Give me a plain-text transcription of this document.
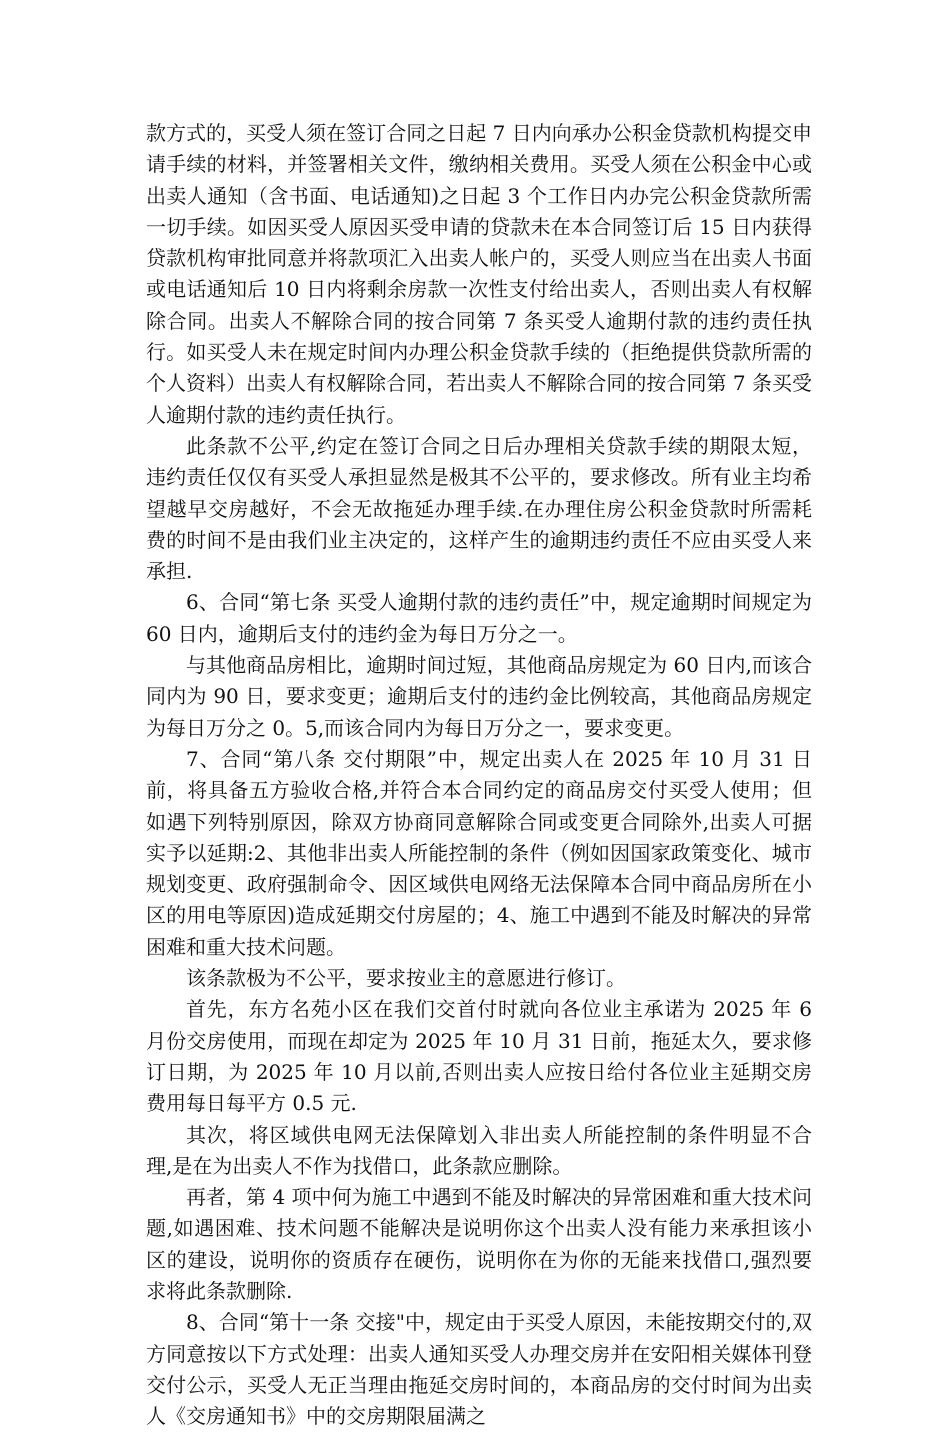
款方式的，买受人须在签订合同之日起 7 日内向承办公积金贷款机构提交申请手续的材料，并签署相关文件，缴纳相关费用。买受人须在公积金中心或出卖人通知（含书面、电话通知)之日起 3 个工作日内办完公积金贷款所需一切手续。如因买受人原因买受申请的贷款未在本合同签订后 15 日内获得贷款机构审批同意并将款项汇入出卖人帐户的，买受人则应当在出卖人书面或电话通知后 10 日内将剩余房款一次性支付给出卖人，否则出卖人有权解除合同。出卖人不解除合同的按合同第 7 条买受人逾期付款的违约责任执行。如买受人未在规定时间内办理公积金贷款手续的（拒绝提供贷款所需的个人资料）出卖人有权解除合同，若出卖人不解除合同的按合同第 7 条买受人逾期付款的违约责任执行。

此条款不公平,约定在签订合同之日后办理相关贷款手续的期限太短，违约责任仅仅有买受人承担显然是极其不公平的，要求修改。所有业主均希望越早交房越好，不会无故拖延办理手续.在办理住房公积金贷款时所需耗费的时间不是由我们业主决定的，这样产生的逾期违约责任不应由买受人来承担.

6、合同“第七条 买受人逾期付款的违约责任”中，规定逾期时间规定为 60 日内，逾期后支付的违约金为每日万分之一。

与其他商品房相比，逾期时间过短，其他商品房规定为 60 日内,而该合同内为 90 日，要求变更；逾期后支付的违约金比例较高，其他商品房规定为每日万分之 0。5,而该合同内为每日万分之一，要求变更。

7、合同“第八条 交付期限”中，规定出卖人在 2025 年 10 月 31 日前，将具备五方验收合格,并符合本合同约定的商品房交付买受人使用；但如遇下列特别原因，除双方协商同意解除合同或变更合同除外,出卖人可据实予以延期:2、其他非出卖人所能控制的条件（例如因国家政策变化、城市规划变更、政府强制命令、因区域供电网络无法保障本合同中商品房所在小区的用电等原因)造成延期交付房屋的；4、施工中遇到不能及时解决的异常困难和重大技术问题。

该条款极为不公平，要求按业主的意愿进行修订。

首先，东方名苑小区在我们交首付时就向各位业主承诺为 2025 年 6 月份交房使用，而现在却定为 2025 年 10 月 31 日前，拖延太久，要求修订日期，为 2025 年 10 月以前,否则出卖人应按日给付各位业主延期交房费用每日每平方 0.5 元.

其次，将区域供电网无法保障划入非出卖人所能控制的条件明显不合理,是在为出卖人不作为找借口，此条款应删除。

再者，第 4 项中何为施工中遇到不能及时解决的异常困难和重大技术问题,如遇困难、技术问题不能解决是说明你这个出卖人没有能力来承担该小区的建设，说明你的资质存在硬伤，说明你在为你的无能来找借口,强烈要求将此条款删除.

8、合同“第十一条 交接"中，规定由于买受人原因，未能按期交付的,双方同意按以下方式处理：出卖人通知买受人办理交房并在安阳相关媒体刊登交付公示，买受人无正当理由拖延交房时间的，本商品房的交付时间为出卖人《交房通知书》中的交房期限届满之
